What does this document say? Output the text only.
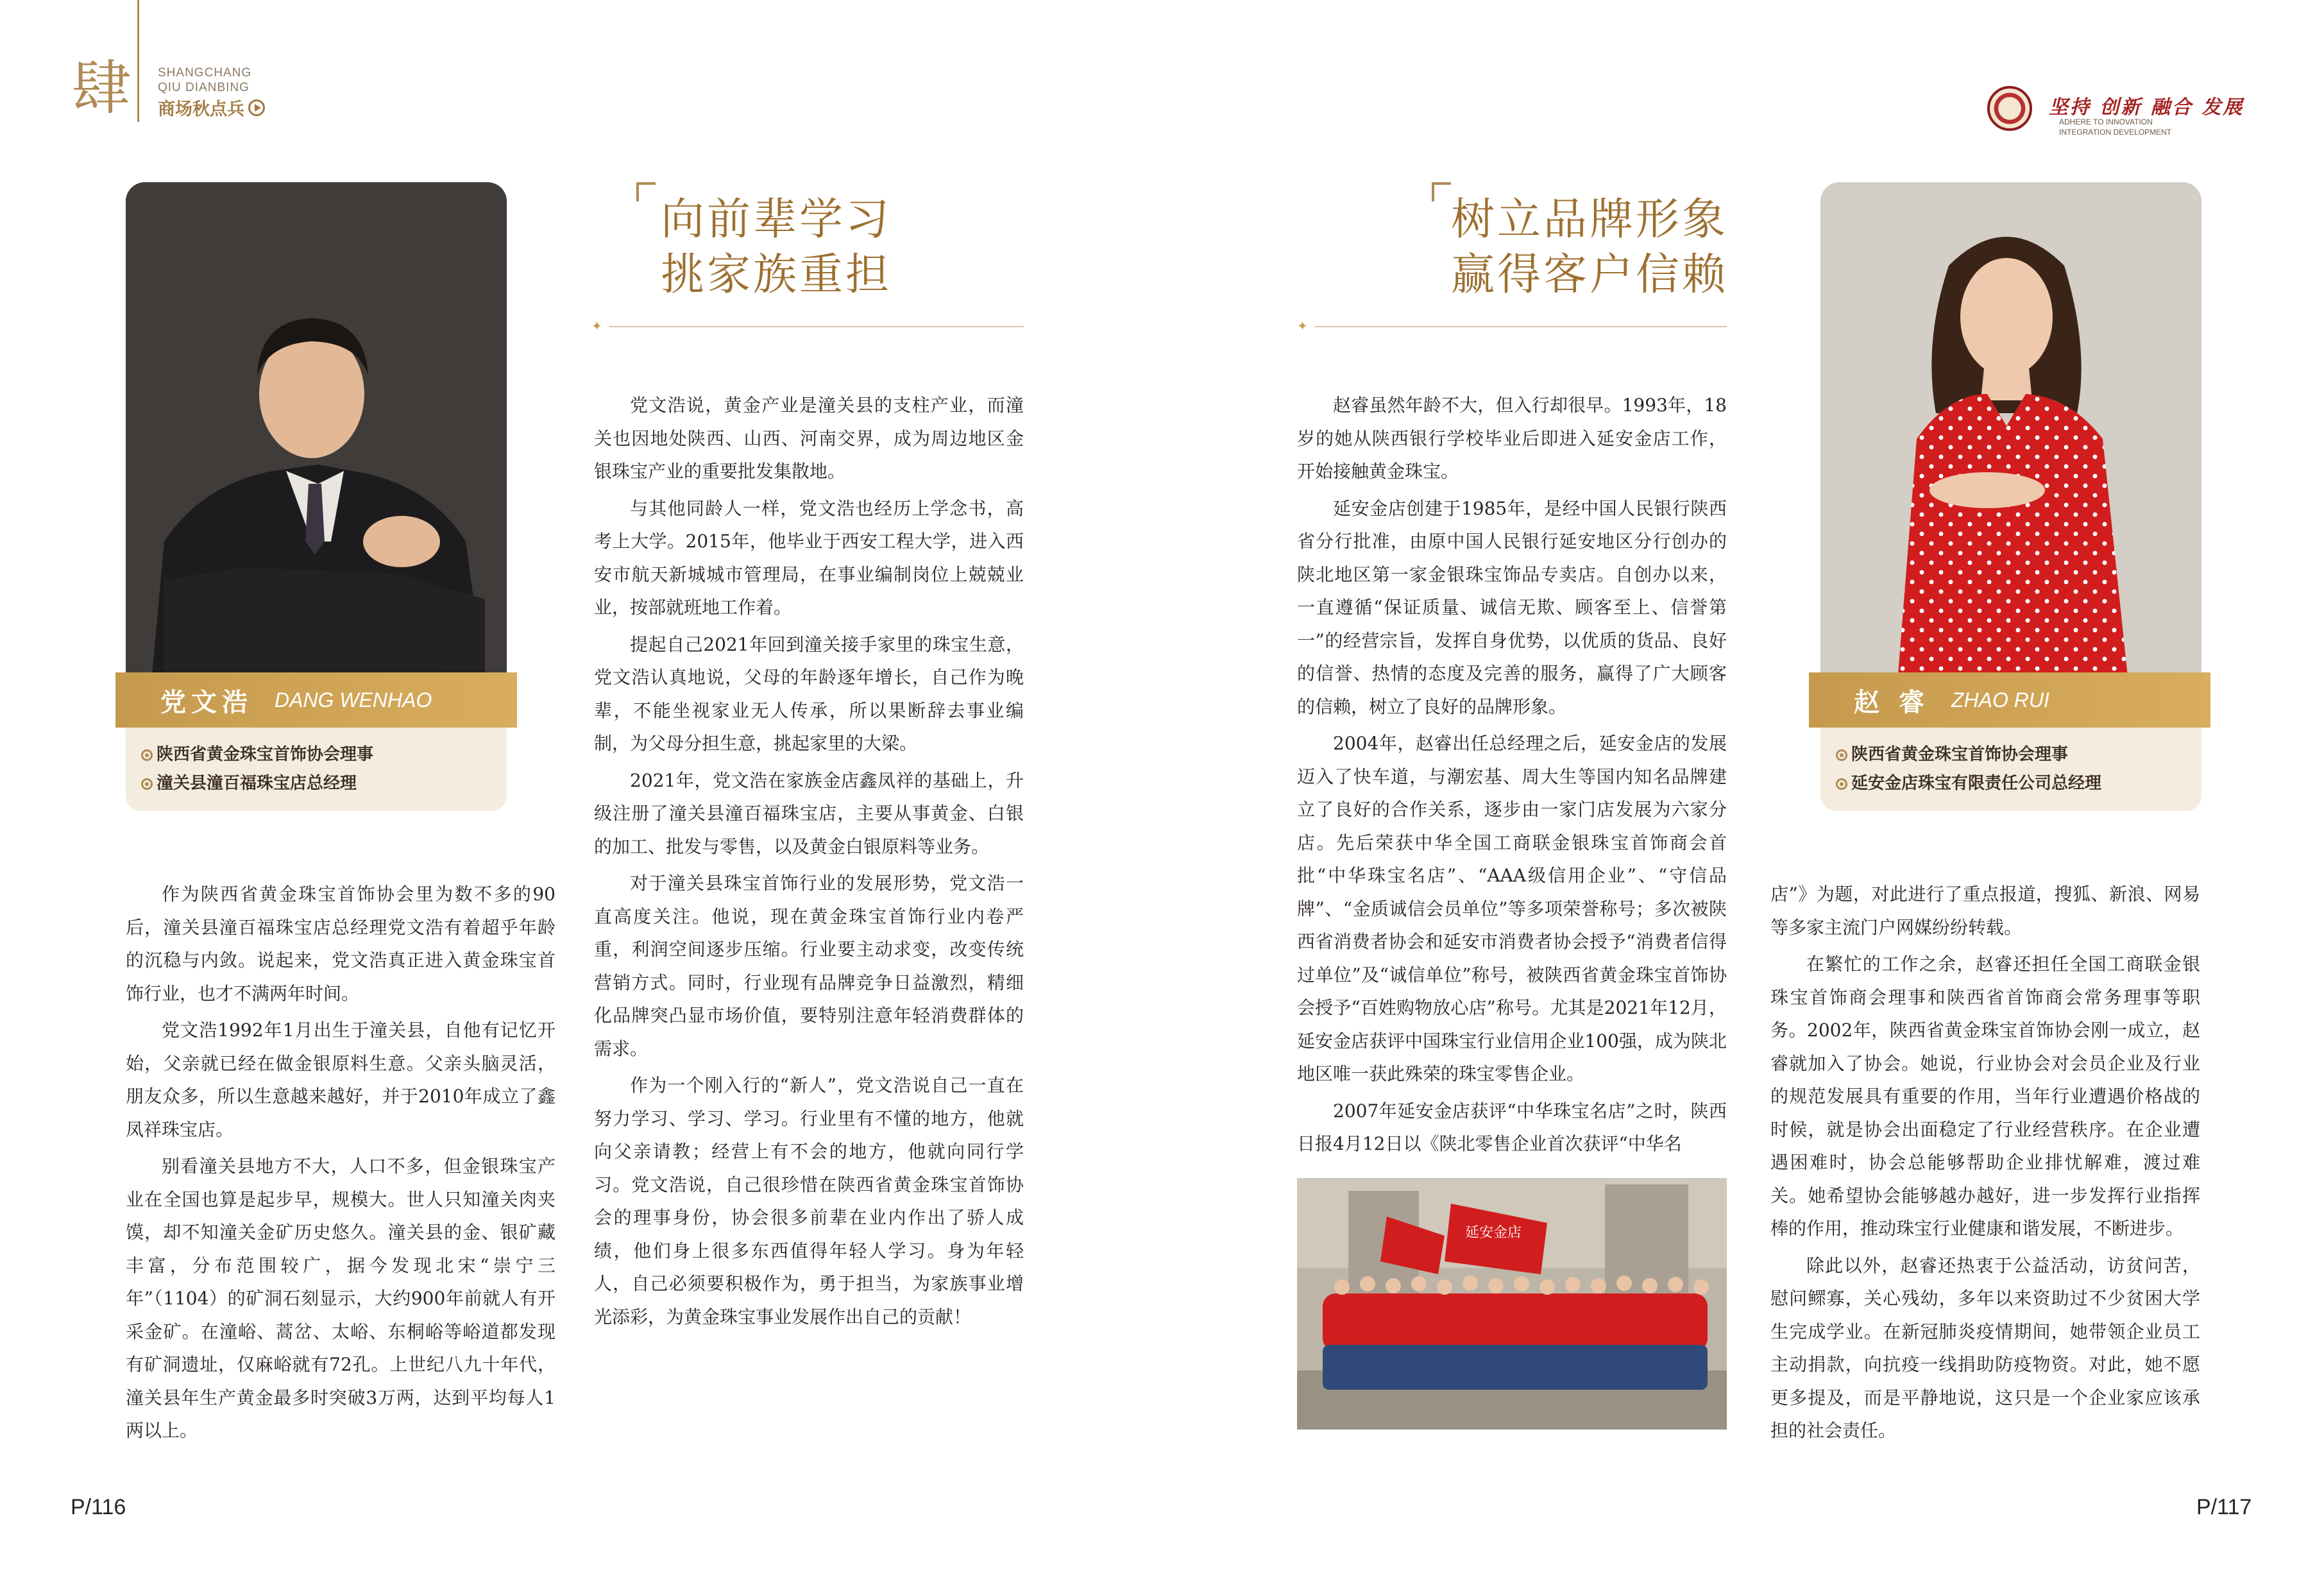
肆 SHANGCHANG
QIU DIANBING
商场秋点兵	坚持 创新 融合 发展
ADHERE TO INNOVATION
INTEGRATION DEVELOPMENT
党文浩 DANG WENHAO
陕西省黄金珠宝首饰协会理事
潼关县潼百福珠宝店总经理
赵 睿 ZHAO RUI
陕西省黄金珠宝首饰协会理事
延安金店珠宝有限责任公司总经理
向前辈学习
挑家族重担
✦
树立品牌形象
赢得客户信赖
✦

作为陕西省黄金珠宝首饰协会里为数不多的90后，潼关县潼百福珠宝店总经理党文浩有着超乎年龄的沉稳与内敛。说起来，党文浩真正进入黄金珠宝首饰行业，也才不满两年时间。

党文浩1992年1月出生于潼关县，自他有记忆开始，父亲就已经在做金银原料生意。父亲头脑灵活，朋友众多，所以生意越来越好，并于2010年成立了鑫凤祥珠宝店。

别看潼关县地方不大，人口不多，但金银珠宝产业在全国也算是起步早，规模大。世人只知潼关肉夹馍，却不知潼关金矿历史悠久。潼关县的金、银矿藏丰富，分布范围较广，据今发现北宋“崇宁三年”（1104）的矿洞石刻显示，大约900年前就人有开采金矿。在潼峪、蒿岔、太峪、东桐峪等峪道都发现有矿洞遗址，仅麻峪就有72孔。上世纪八九十年代，潼关县年生产黄金最多时突破3万两，达到平均每人1两以上。

党文浩说，黄金产业是潼关县的支柱产业，而潼关也因地处陕西、山西、河南交界，成为周边地区金银珠宝产业的重要批发集散地。

与其他同龄人一样，党文浩也经历上学念书，高考上大学。2015年，他毕业于西安工程大学，进入西安市航天新城城市管理局，在事业编制岗位上兢兢业业，按部就班地工作着。

提起自己2021年回到潼关接手家里的珠宝生意，党文浩认真地说，父母的年龄逐年增长，自己作为晚辈，不能坐视家业无人传承，所以果断辞去事业编制，为父母分担生意，挑起家里的大梁。

2021年，党文浩在家族金店鑫凤祥的基础上，升级注册了潼关县潼百福珠宝店，主要从事黄金、白银的加工、批发与零售，以及黄金白银原料等业务。

对于潼关县珠宝首饰行业的发展形势，党文浩一直高度关注。他说，现在黄金珠宝首饰行业内卷严重，利润空间逐步压缩。行业要主动求变，改变传统营销方式。同时，行业现有品牌竞争日益激烈，精细化品牌突凸显市场价值，要特别注意年轻消费群体的需求。

作为一个刚入行的“新人”，党文浩说自己一直在努力学习、学习、学习。行业里有不懂的地方，他就向父亲请教；经营上有不会的地方，他就向同行学习。党文浩说，自己很珍惜在陕西省黄金珠宝首饰协会的理事身份，协会很多前辈在业内作出了骄人成绩，他们身上很多东西值得年轻人学习。身为年轻人，自己必须要积极作为，勇于担当，为家族事业增光添彩，为黄金珠宝事业发展作出自己的贡献！

赵睿虽然年龄不大，但入行却很早。1993年，18岁的她从陕西银行学校毕业后即进入延安金店工作，开始接触黄金珠宝。

延安金店创建于1985年，是经中国人民银行陕西省分行批准，由原中国人民银行延安地区分行创办的陕北地区第一家金银珠宝饰品专卖店。自创办以来，一直遵循“保证质量、诚信无欺、顾客至上、信誉第一”的经营宗旨，发挥自身优势，以优质的货品、良好的信誉、热情的态度及完善的服务，赢得了广大顾客的信赖，树立了良好的品牌形象。

2004年，赵睿出任总经理之后，延安金店的发展迈入了快车道，与潮宏基、周大生等国内知名品牌建立了良好的合作关系，逐步由一家门店发展为六家分店。先后荣获中华全国工商联金银珠宝首饰商会首批“中华珠宝名店”、“AAA级信用企业”、“守信品牌”、“金质诚信会员单位”等多项荣誉称号；多次被陕西省消费者协会和延安市消费者协会授予“消费者信得过单位”及“诚信单位”称号，被陕西省黄金珠宝首饰协会授予“百姓购物放心店”称号。尤其是2021年12月，延安金店获评中国珠宝行业信用企业100强，成为陕北地区唯一获此殊荣的珠宝零售企业。

2007年延安金店获评“中华珠宝名店”之时，陕西日报4月12日以《陕北零售企业首次获评“中华名

店”》为题，对此进行了重点报道，搜狐、新浪、网易等多家主流门户网媒纷纷转载。

在繁忙的工作之余，赵睿还担任全国工商联金银珠宝首饰商会理事和陕西省首饰商会常务理事等职务。2002年，陕西省黄金珠宝首饰协会刚一成立，赵睿就加入了协会。她说，行业协会对会员企业及行业的规范发展具有重要的作用，当年行业遭遇价格战的时候，就是协会出面稳定了行业经营秩序。在企业遭遇困难时，协会总能够帮助企业排忧解难，渡过难关。她希望协会能够越办越好，进一步发挥行业指挥棒的作用，推动珠宝行业健康和谐发展，不断进步。

除此以外，赵睿还热衷于公益活动，访贫问苦，慰问鳏寡，关心残幼，多年以来资助过不少贫困大学生完成学业。在新冠肺炎疫情期间，她带领企业员工主动捐款，向抗疫一线捐助防疫物资。对此，她不愿更多提及，而是平静地说，这只是一个企业家应该承担的社会责任。

延安金店
P/116	P/117
